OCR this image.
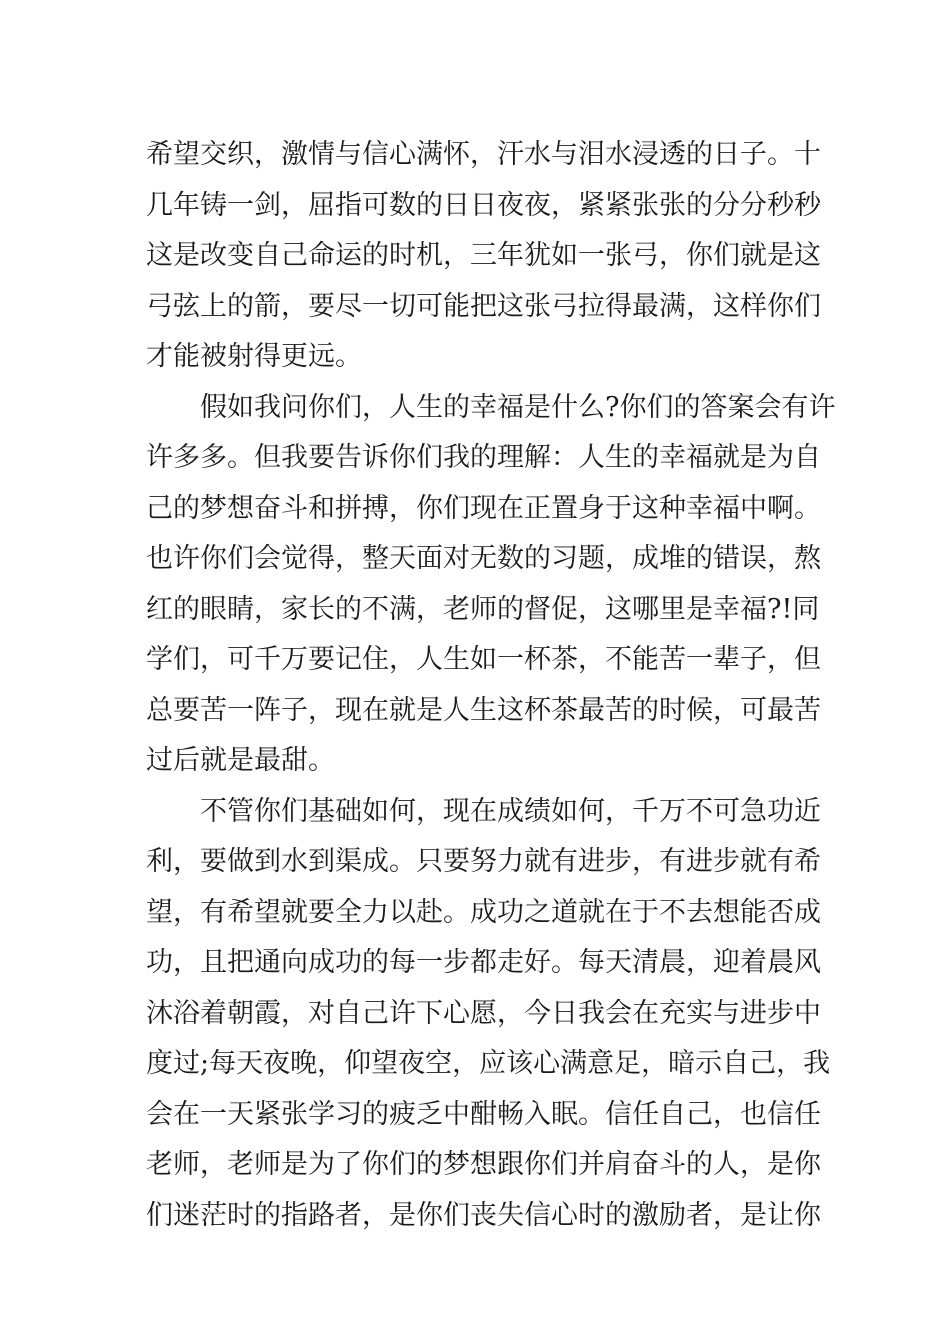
希望交织，激情与信心满怀，汗水与泪水浸透的日子。十
几年铸一剑，屈指可数的日日夜夜，紧紧张张的分分秒秒
这是改变自己命运的时机，三年犹如一张弓，你们就是这
弓弦上的箭，要尽一切可能把这张弓拉得最满，这样你们
才能被射得更远。
假如我问你们，人生的幸福是什么?你们的答案会有许
许多多。但我要告诉你们我的理解：人生的幸福就是为自
己的梦想奋斗和拼搏，你们现在正置身于这种幸福中啊。
也许你们会觉得，整天面对无数的习题，成堆的错误，熬
红的眼睛，家长的不满，老师的督促，这哪里是幸福?!同
学们，可千万要记住，人生如一杯茶，不能苦一辈子，但
总要苦一阵子，现在就是人生这杯茶最苦的时候，可最苦
过后就是最甜。
不管你们基础如何，现在成绩如何，千万不可急功近
利，要做到水到渠成。只要努力就有进步，有进步就有希
望，有希望就要全力以赴。成功之道就在于不去想能否成
功，且把通向成功的每一步都走好。每天清晨，迎着晨风
沐浴着朝霞，对自己许下心愿，今日我会在充实与进步中
度过;每天夜晚，仰望夜空，应该心满意足，暗示自己，我
会在一天紧张学习的疲乏中酣畅入眠。信任自己，也信任
老师，老师是为了你们的梦想跟你们并肩奋斗的人，是你
们迷茫时的指路者，是你们丧失信心时的激励者，是让你
